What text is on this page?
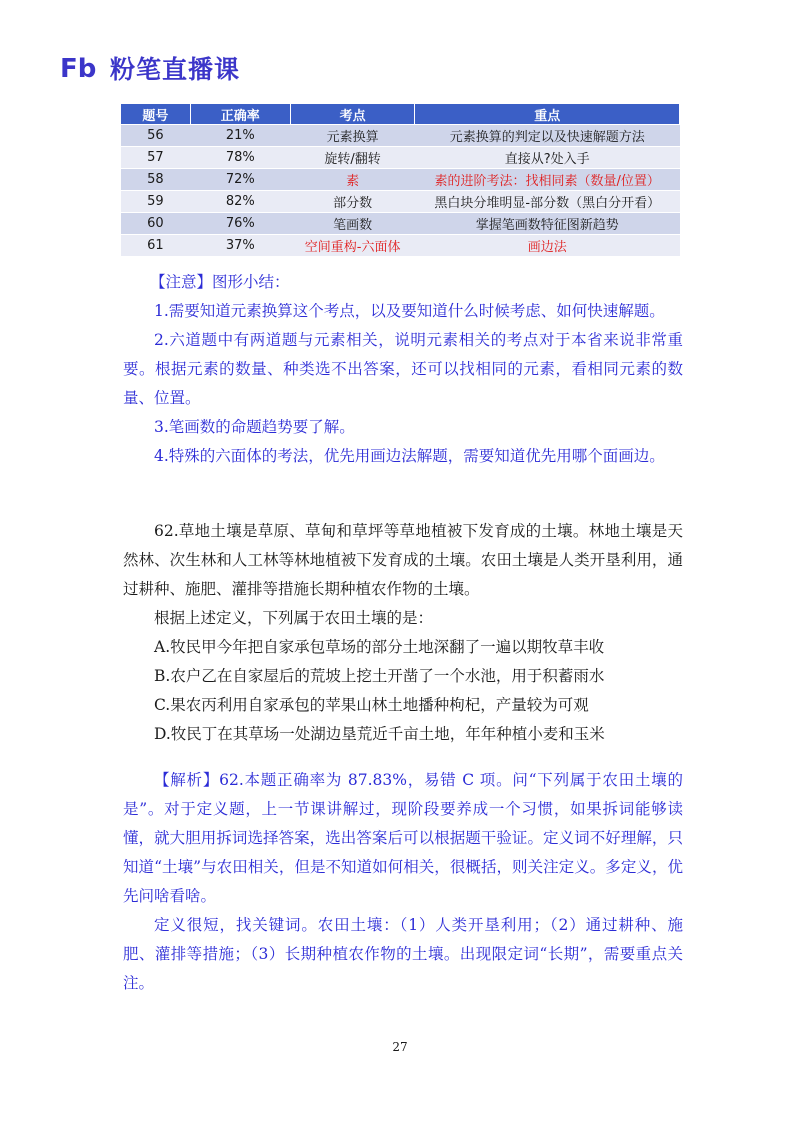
Fb 粉笔直播课
题号	正确率	考点	重点
56	21%	元素换算	元素换算的判定以及快速解题方法
57	78%	旋转/翻转	直接从?处入手
58	72%	素	素的进阶考法：找相同素（数量/位置）
59	82%	部分数	黑白块分堆明显-部分数（黑白分开看）
60	76%	笔画数	掌握笔画数特征图新趋势
61	37%	空间重构-六面体	画边法

【注意】图形小结：

1.需要知道元素换算这个考点，以及要知道什么时候考虑、如何快速解题。

2.六道题中有两道题与元素相关，说明元素相关的考点对于本省来说非常重要。根据元素的数量、种类选不出答案，还可以找相同的元素，看相同元素的数量、位置。

3.笔画数的命题趋势要了解。

4.特殊的六面体的考法，优先用画边法解题，需要知道优先用哪个面画边。

62.草地土壤是草原、草甸和草坪等草地植被下发育成的土壤。林地土壤是天然林、次生林和人工林等林地植被下发育成的土壤。农田土壤是人类开垦利用，通过耕种、施肥、灌排等措施长期种植农作物的土壤。

根据上述定义，下列属于农田土壤的是：

A.牧民甲今年把自家承包草场的部分土地深翻了一遍以期牧草丰收

B.农户乙在自家屋后的荒坡上挖土开凿了一个水池，用于积蓄雨水

C.果农丙利用自家承包的苹果山林土地播种枸杞，产量较为可观

D.牧民丁在其草场一处湖边垦荒近千亩土地，年年种植小麦和玉米

【解析】62.本题正确率为 87.83%，易错 C 项。问“下列属于农田土壤的是”。对于定义题，上一节课讲解过，现阶段要养成一个习惯，如果拆词能够读懂，就大胆用拆词选择答案，选出答案后可以根据题干验证。定义词不好理解，只知道“土壤”与农田相关，但是不知道如何相关，很概括，则关注定义。多定义，优先问啥看啥。

定义很短，找关键词。农田土壤：（1）人类开垦利用；（2）通过耕种、施肥、灌排等措施；（3）长期种植农作物的土壤。出现限定词“长期”，需要重点关注。

27
